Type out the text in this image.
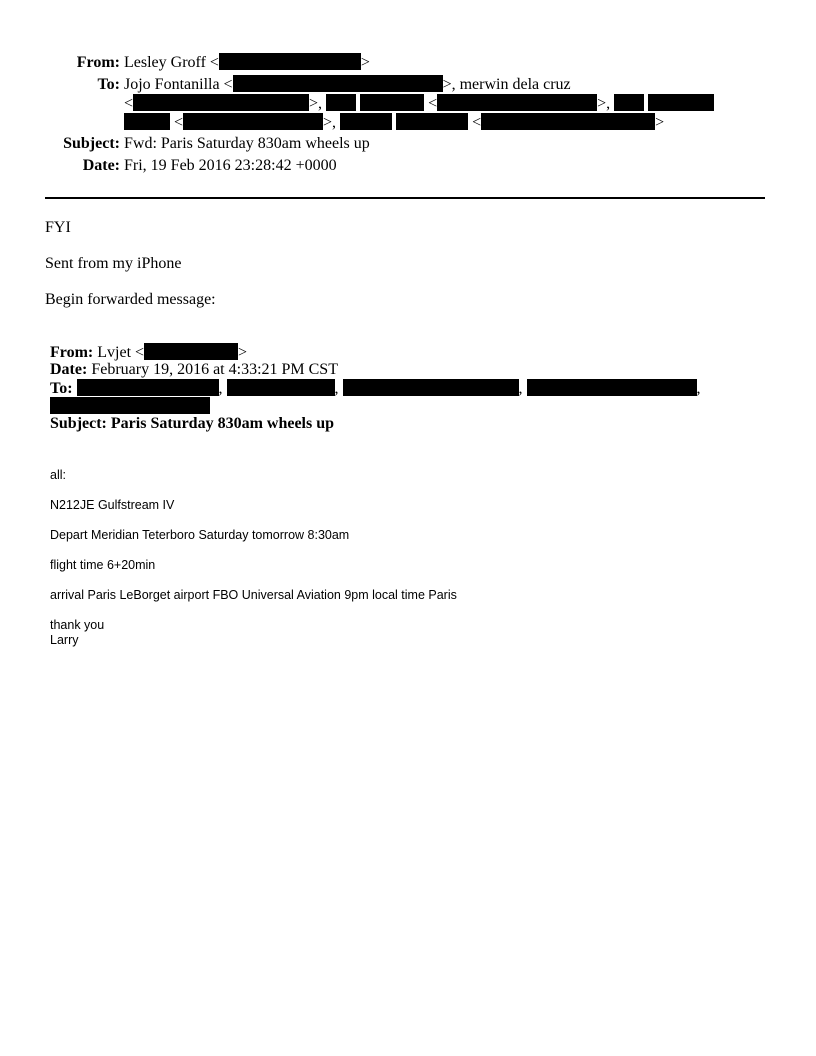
From: Lesley Groff <	>
To: Jojo Fontanilla <	>, merwin dela cruz
<	>,	<	>,
<	>,	<	>
Subject: Fwd: Paris Saturday 830am wheels up
Date: Fri, 19 Feb 2016 23:28:42 +0000
FYI
Sent from my iPhone
Begin forwarded message:
From: Lvjet <	>
Date: February 19, 2016 at 4:33:21 PM CST
To:	,	,	,	,
Subject: Paris Saturday 830am wheels up
all:
N212JE Gulfstream IV
Depart Meridian Teterboro Saturday tomorrow 8:30am
flight time 6+20min
arrival Paris LeBorget airport FBO Universal Aviation 9pm local time Paris
thank you
Larry
